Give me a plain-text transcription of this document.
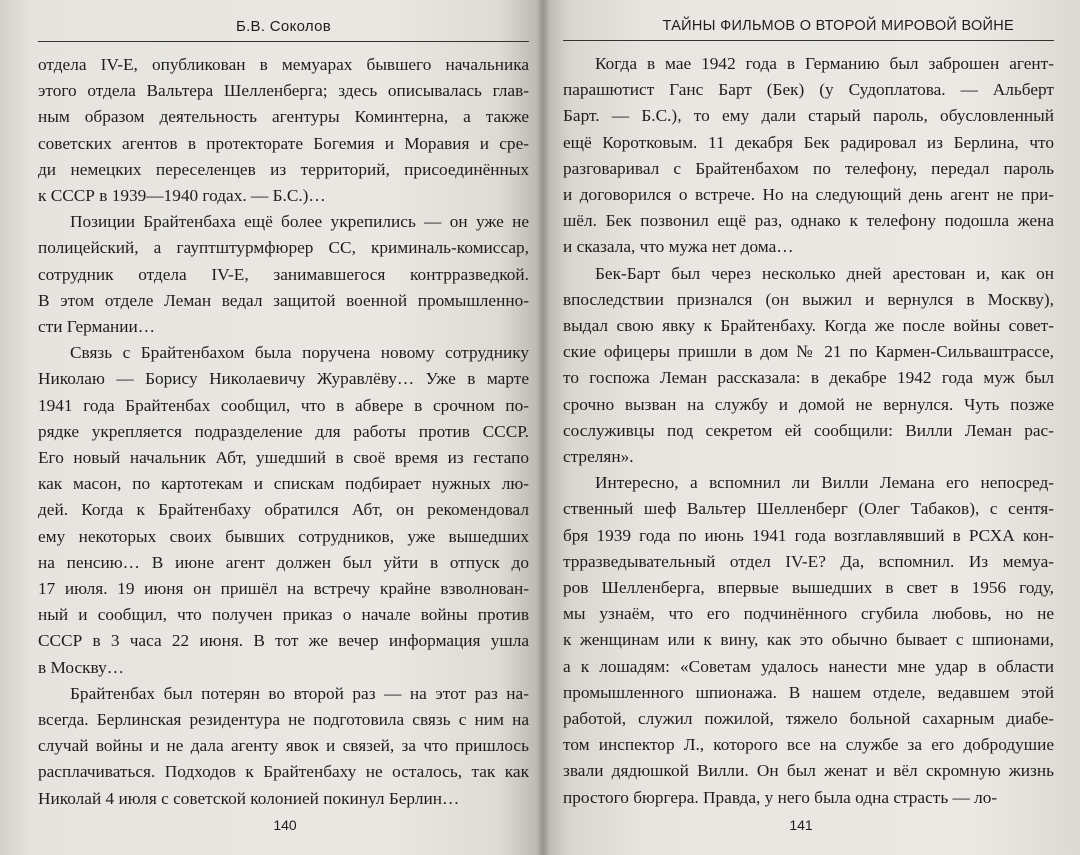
Б.В. Соколов

отдела IV-Е, опубликован в мемуарах бывшего начальника
этого отдела Вальтера Шелленберга; здесь описывалась глав-
ным образом деятельность агентуры Коминтерна, а также
советских агентов в протекторате Богемия и Моравия и сре-
ди немецких переселенцев из территорий, присоединённых
к СССР в 1939—1940 годах. — Б.С.)…

Позиции Брайтенбаха ещё более укрепились — он уже не
полицейский, а гауптштурмфюрер СС, криминаль-комиссар,
сотрудник отдела IV-Е, занимавшегося контрразведкой.
В этом отделе Леман ведал защитой военной промышленно-
сти Германии…

Связь с Брайтенбахом была поручена новому сотруднику
Николаю — Борису Николаевичу Журавлёву… Уже в марте
1941 года Брайтенбах сообщил, что в абвере в срочном по-
рядке укрепляется подразделение для работы против СССР.
Его новый начальник Абт, ушедший в своё время из гестапо
как масон, по картотекам и спискам подбирает нужных лю-
дей. Когда к Брайтенбаху обратился Абт, он рекомендовал
ему некоторых своих бывших сотрудников, уже вышедших
на пенсию… В июне агент должен был уйти в отпуск до
17 июля. 19 июня он пришёл на встречу крайне взволнован-
ный и сообщил, что получен приказ о начале войны против
СССР в 3 часа 22 июня. В тот же вечер информация ушла
в Москву…

Брайтенбах был потерян во второй раз — на этот раз на-
всегда. Берлинская резидентура не подготовила связь с ним на
случай войны и не дала агенту явок и связей, за что пришлось
расплачиваться. Подходов к Брайтенбаху не осталось, так как
Николай 4 июля с советской колонией покинул Берлин…

140
ТАЙНЫ ФИЛЬМОВ О ВТОРОЙ МИРОВОЙ ВОЙНЕ

Когда в мае 1942 года в Германию был заброшен агент-
парашютист Ганс Барт (Бек) (у Судоплатова. — Альберт
Барт. — Б.С.), то ему дали старый пароль, обусловленный
ещё Коротковым. 11 декабря Бек радировал из Берлина, что
разговаривал с Брайтенбахом по телефону, передал пароль
и договорился о встрече. Но на следующий день агент не при-
шёл. Бек позвонил ещё раз, однако к телефону подошла жена
и сказала, что мужа нет дома…

Бек-Барт был через несколько дней арестован и, как он
впоследствии признался (он выжил и вернулся в Москву),
выдал свою явку к Брайтенбаху. Когда же после войны совет-
ские офицеры пришли в дом № 21 по Кармен-Сильваштрассе,
то госпожа Леман рассказала: в декабре 1942 года муж был
срочно вызван на службу и домой не вернулся. Чуть позже
сослуживцы под секретом ей сообщили: Вилли Леман рас-
стрелян».

Интересно, а вспомнил ли Вилли Лемана его непосред-
ственный шеф Вальтер Шелленберг (Олег Табаков), с сентя-
бря 1939 года по июнь 1941 года возглавлявший в РСХА кон-
трразведывательный отдел IV-Е? Да, вспомнил. Из мемуа-
ров Шелленберга, впервые вышедших в свет в 1956 году,
мы узнаём, что его подчинённого сгубила любовь, но не
к женщинам или к вину, как это обычно бывает с шпионами,
а к лошадям: «Советам удалось нанести мне удар в области
промышленного шпионажа. В нашем отделе, ведавшем этой
работой, служил пожилой, тяжело больной сахарным диабе-
том инспектор Л., которого все на службе за его добродушие
звали дядюшкой Вилли. Он был женат и вёл скромную жизнь
простого бюргера. Правда, у него была одна страсть — ло-

141
